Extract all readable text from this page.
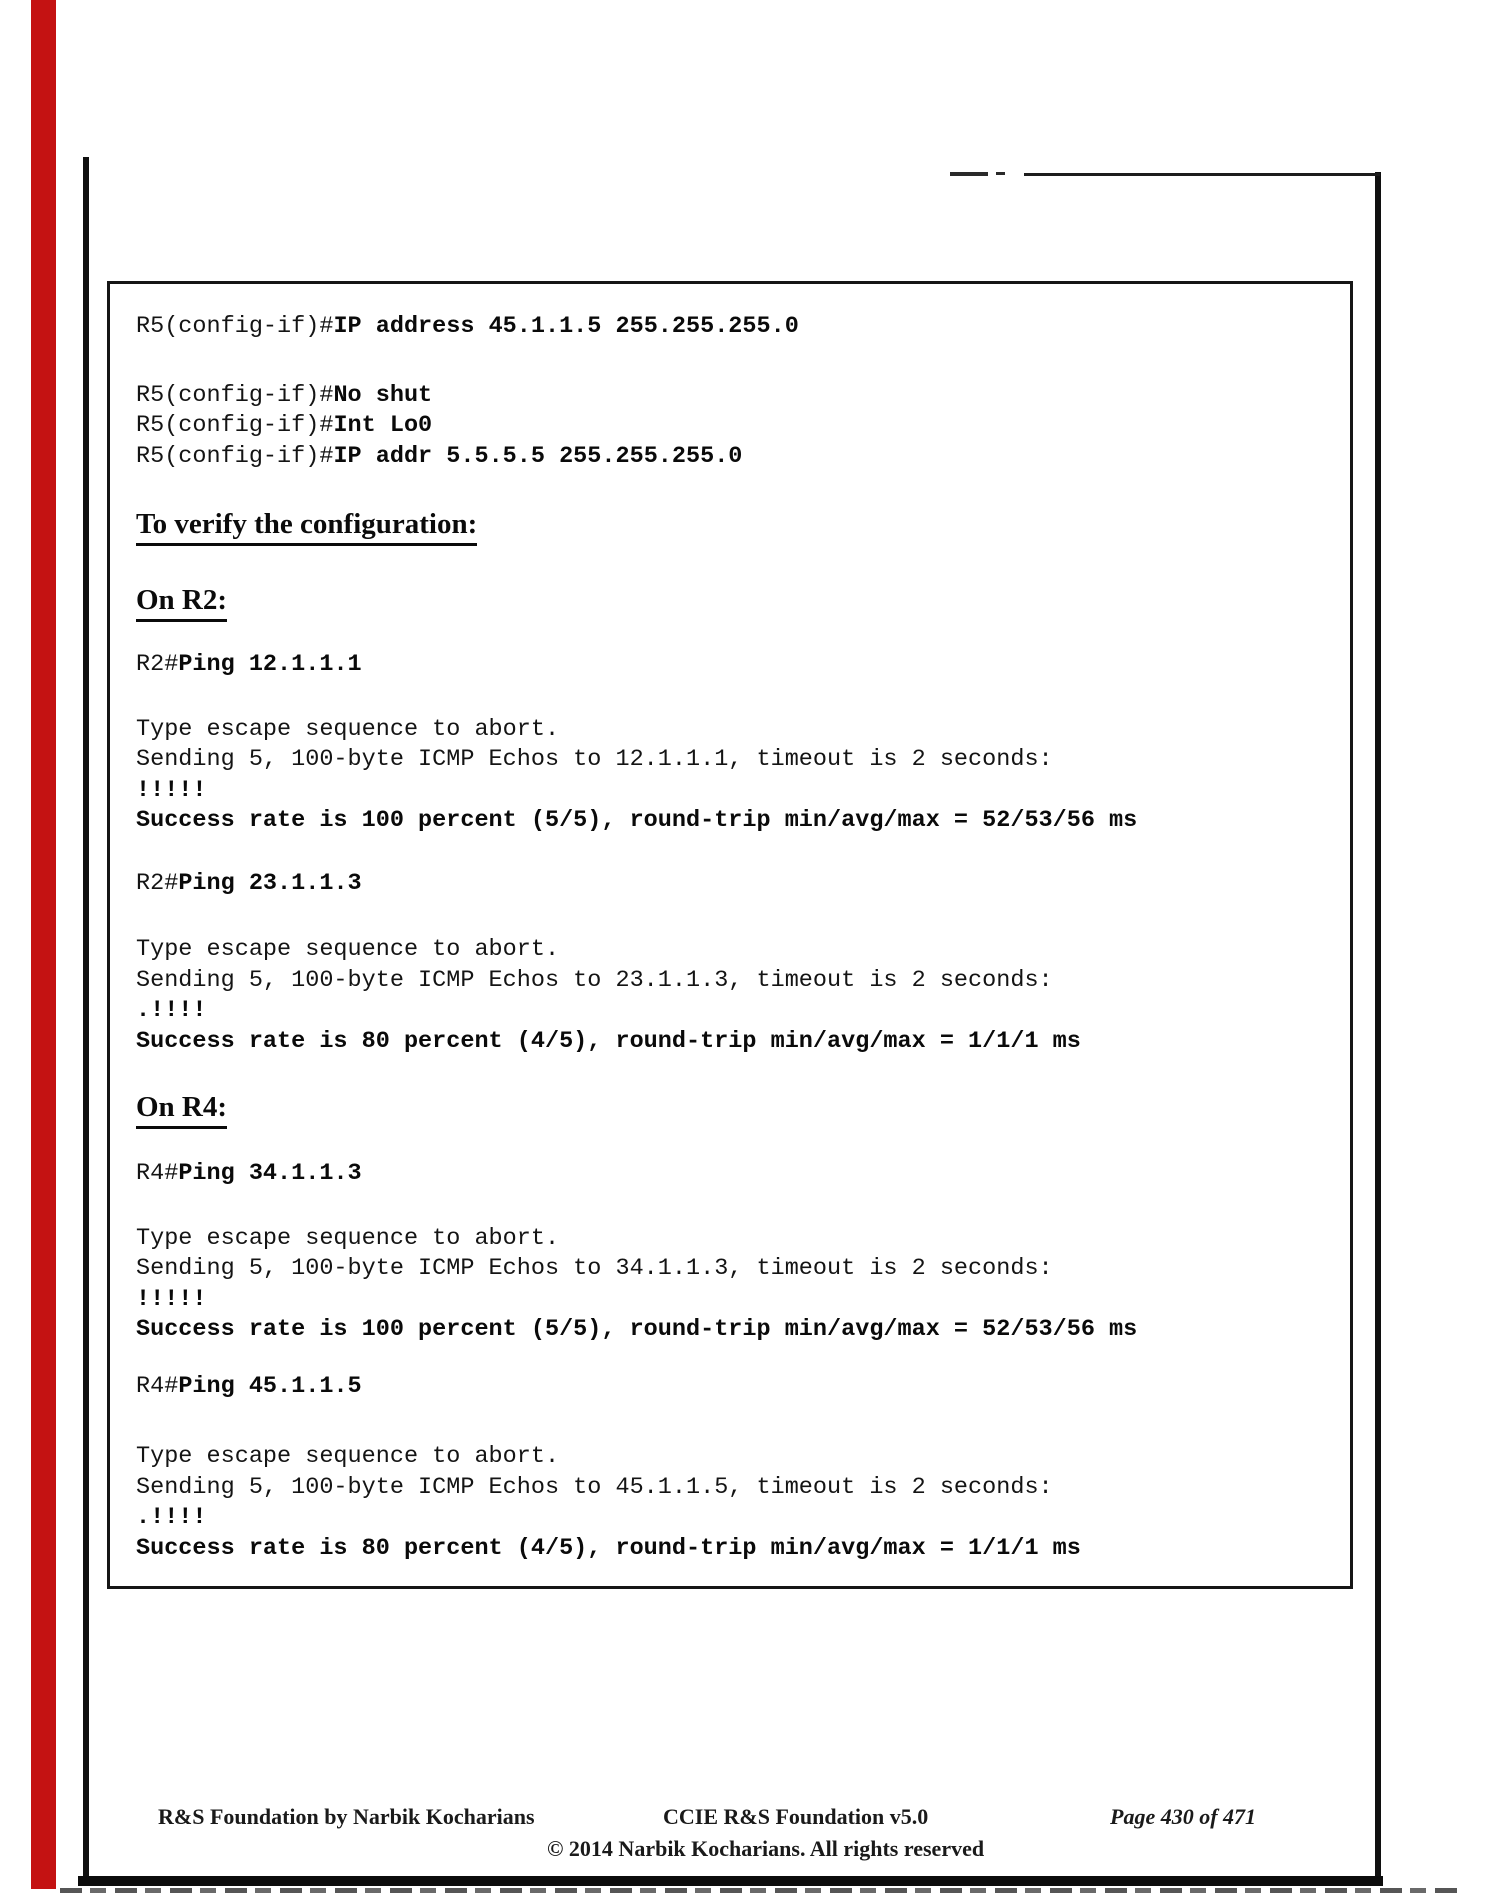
R5(config-if)#IP address 45.1.1.5 255.255.255.0
R5(config-if)#No shut
R5(config-if)#Int Lo0
R5(config-if)#IP addr 5.5.5.5 255.255.255.0
To verify the configuration:
On R2:
R2#Ping 12.1.1.1
Type escape sequence to abort.
Sending 5, 100-byte ICMP Echos to 12.1.1.1, timeout is 2 seconds:
!!!!!
Success rate is 100 percent (5/5), round-trip min/avg/max = 52/53/56 ms
R2#Ping 23.1.1.3
Type escape sequence to abort.
Sending 5, 100-byte ICMP Echos to 23.1.1.3, timeout is 2 seconds:
.!!!!
Success rate is 80 percent (4/5), round-trip min/avg/max = 1/1/1 ms
On R4:
R4#Ping 34.1.1.3
Type escape sequence to abort.
Sending 5, 100-byte ICMP Echos to 34.1.1.3, timeout is 2 seconds:
!!!!!
Success rate is 100 percent (5/5), round-trip min/avg/max = 52/53/56 ms
R4#Ping 45.1.1.5
Type escape sequence to abort.
Sending 5, 100-byte ICMP Echos to 45.1.1.5, timeout is 2 seconds:
.!!!!
Success rate is 80 percent (4/5), round-trip min/avg/max = 1/1/1 ms
R&S Foundation by Narbik Kocharians	CCIE R&S Foundation v5.0	Page 430 of 471
© 2014 Narbik Kocharians. All rights reserved
